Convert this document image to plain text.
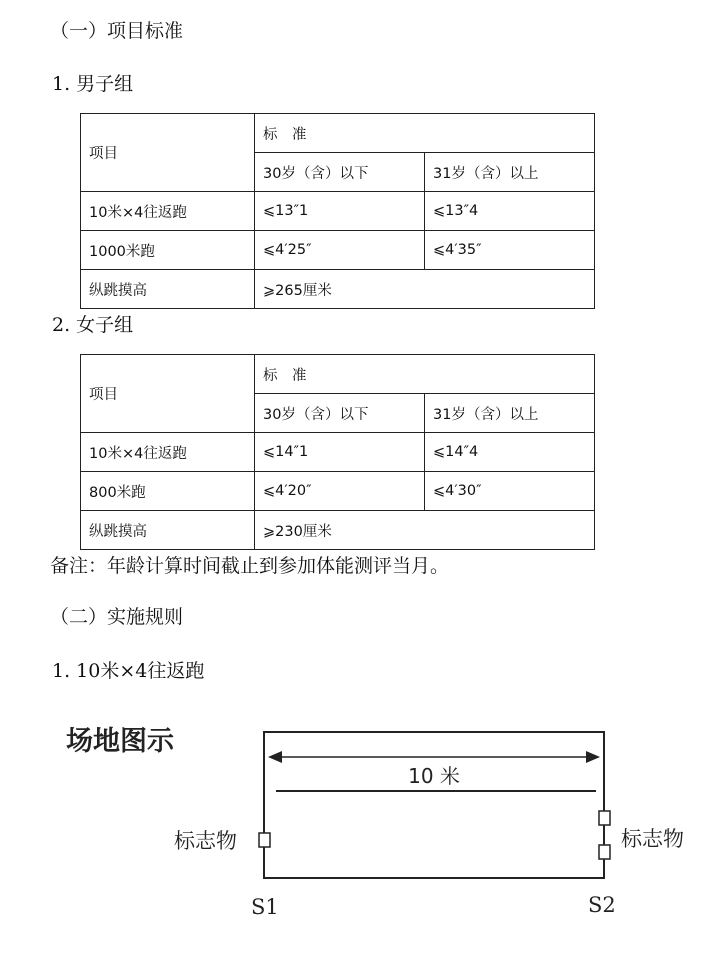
（一）项目标准
1. 男子组
项目	标　准	
	30岁（含）以下	31岁（含）以上
10米×4往返跑	⩽13″1	⩽13″4
1000米跑	⩽4′25″	⩽4′35″
纵跳摸高	⩾265厘米	
2. 女子组
项目	标　准	
	30岁（含）以下	31岁（含）以上
10米×4往返跑	⩽14″1	⩽14″4
800米跑	⩽4′20″	⩽4′30″
纵跳摸高	⩾230厘米	
备注：年龄计算时间截止到参加体能测评当月。
（二）实施规则
1. 10米×4往返跑
场地图示
10 米
标志物	标志物
S1	S2
